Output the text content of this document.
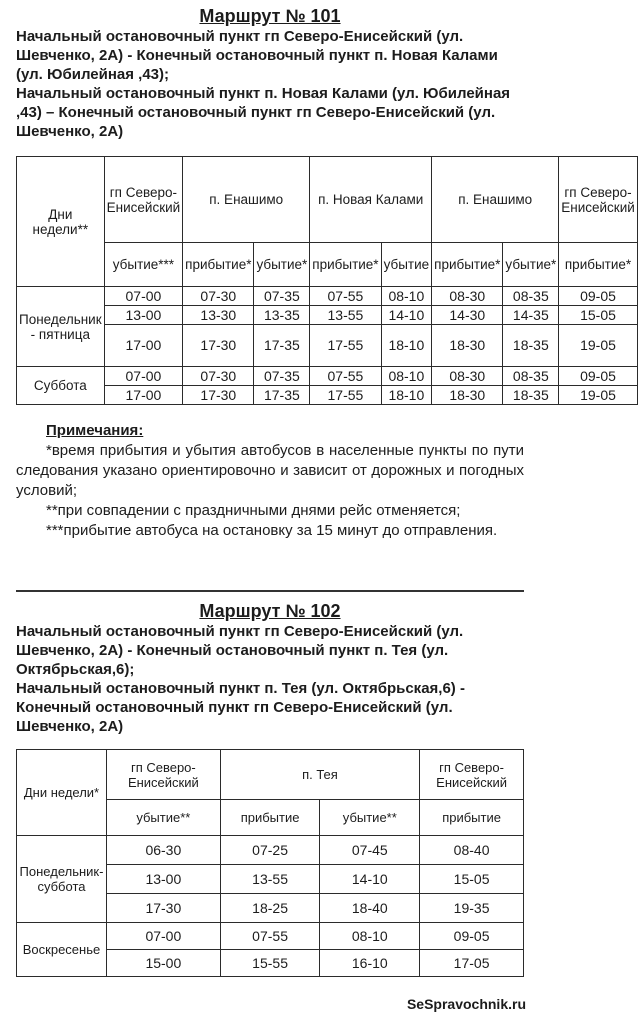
Маршрут № 101

Начальный остановочный пункт гп Северо-Енисейский (ул. Шевченко, 2А) - Конечный остановочный пункт п. Новая Калами (ул. Юбилейная ,43);

Начальный остановочный пункт п. Новая Калами (ул. Юбилейная ,43) – Конечный остановочный пункт гп Северо-Енисейский (ул. Шевченко, 2А)

Дни недели**	гп Северо-Енисейский	п. Енашимо		п. Новая Калами		п. Енашимо		гп Северо-Енисейский
	убытие***	прибытие*	убытие*	прибытие*	убытие	прибытие*	убытие*	прибытие*
Понедельник - пятница	07-00	07-30	07-35	07-55	08-10	08-30	08-35	09-05
	13-00	13-30	13-35	13-55	14-10	14-30	14-35	15-05
	17-00	17-30	17-35	17-55	18-10	18-30	18-35	19-05
Суббота	07-00	07-30	07-35	07-55	08-10	08-30	08-35	09-05
	17-00	17-30	17-35	17-55	18-10	18-30	18-35	19-05

Примечания:

*время прибытия и убытия автобусов в населенные пункты по пути следования указано ориентировочно и зависит от дорожных и погодных условий;

**при совпадении с праздничными днями рейс отменяется;

***прибытие автобуса на остановку за 15 минут до отправления.

Маршрут № 102

Начальный остановочный пункт гп Северо-Енисейский (ул. Шевченко, 2А) - Конечный остановочный пункт п. Тея (ул. Октябрьская,6);

Начальный остановочный пункт п. Тея (ул. Октябрьская,6) - Конечный остановочный пункт гп Северо-Енисейский (ул. Шевченко, 2А)

Дни недели*	гп Северо-Енисейский	п. Тея		гп Северо-Енисейский
	убытие**	прибытие	убытие**	прибытие
Понедельник-суббота	06-30	07-25	07-45	08-40
	13-00	13-55	14-10	15-05
	17-30	18-25	18-40	19-35
Воскресенье	07-00	07-55	08-10	09-05
	15-00	15-55	16-10	17-05
SeSpravochnik.ru
